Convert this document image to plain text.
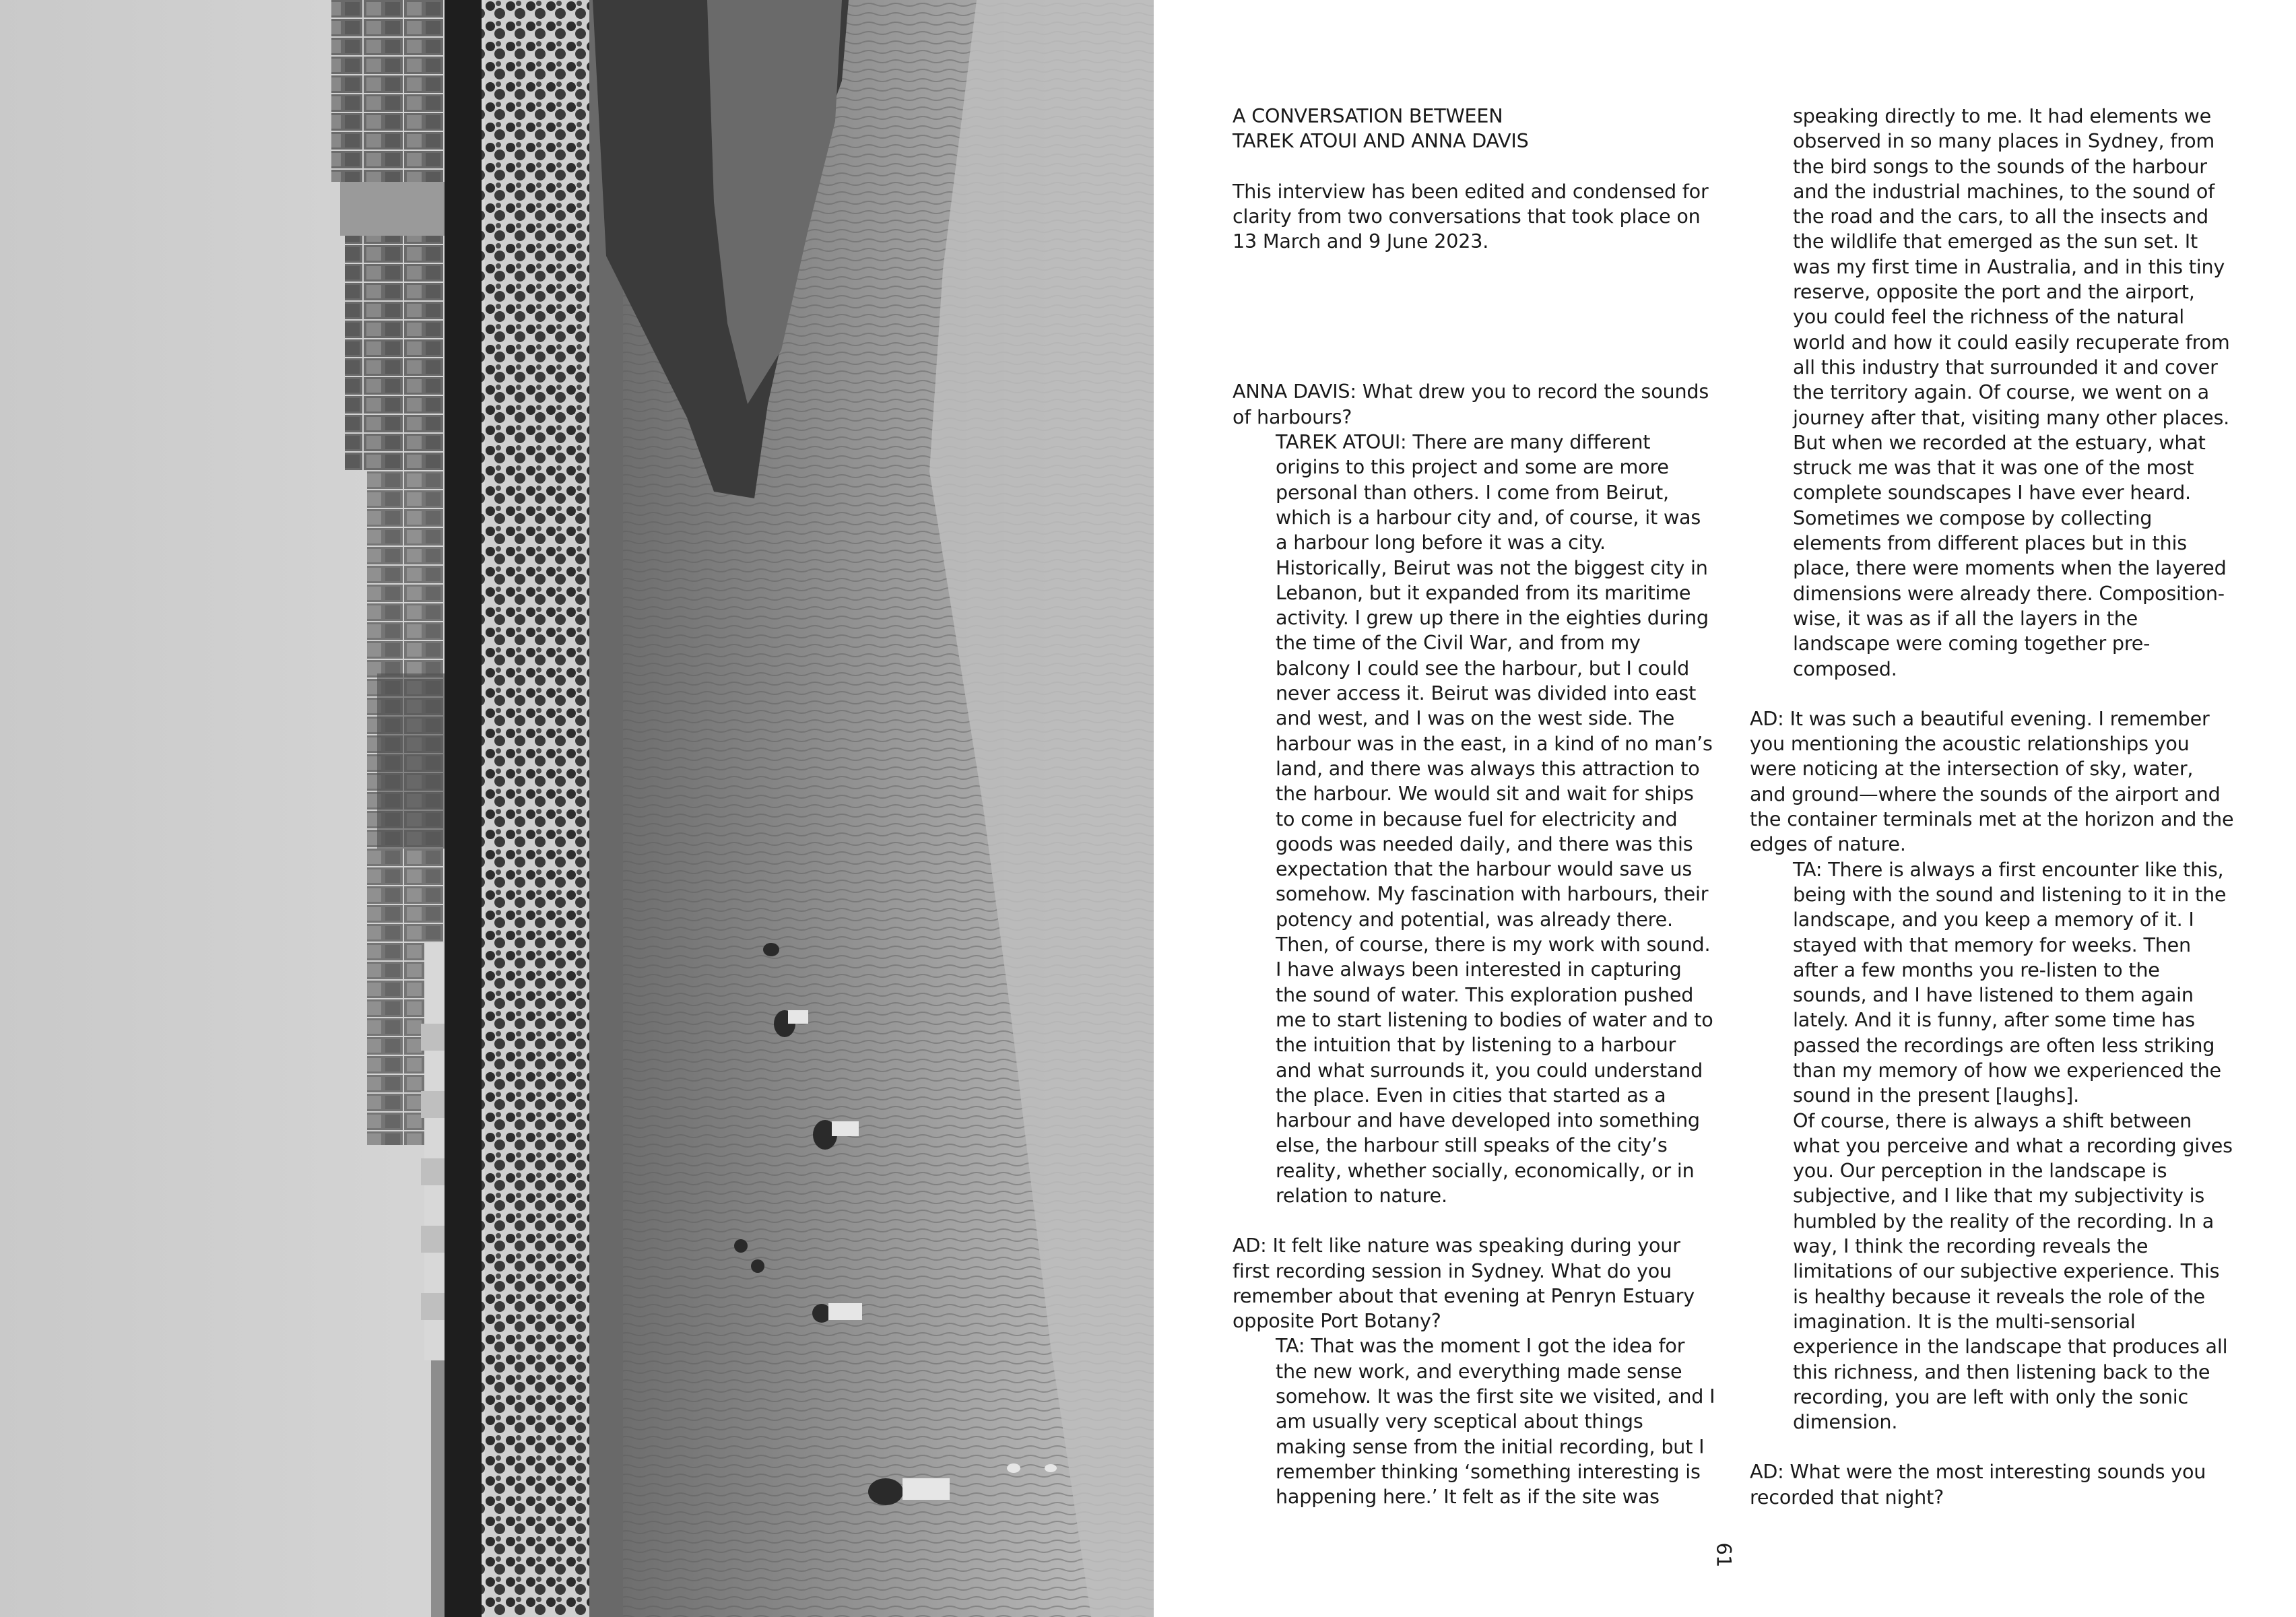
A CONVERSATION BETWEEN

TAREK ATOUI AND ANNA DAVIS

This interview has been edited and condensed for clarity from two conversations that took place on 13 March and 9 June 2023.

ANNA DAVIS: What drew you to record the sounds of harbours?

TAREK ATOUI: There are many different origins to this project and some are more personal than others. I come from Beirut, which is a harbour city and, of course, it was a harbour long before it was a city. Historically, Beirut was not the biggest city in Lebanon, but it expanded from its maritime activity. I grew up there in the eighties during the time of the Civil War, and from my balcony I could see the harbour, but I could never access it. Beirut was divided into east and west, and I was on the west side. The harbour was in the east, in a kind of no man’s land, and there was always this attraction to the harbour. We would sit and wait for ships to come in because fuel for electricity and goods was needed daily, and there was this expectation that the harbour would save us somehow. My fascination with harbours, their potency and potential, was already there. Then, of course, there is my work with sound. I have always been interested in capturing the sound of water. This exploration pushed me to start listening to bodies of water and to the intuition that by listening to a harbour and what surrounds it, you could understand the place. Even in cities that started as a harbour and have developed into something else, the harbour still speaks of the city’s reality, whether socially, economically, or in relation to nature.

AD: It felt like nature was speaking during your first recording session in Sydney. What do you remember about that evening at Penryn Estuary opposite Port Botany?

TA: That was the moment I got the idea for the new work, and everything made sense somehow. It was the first site we visited, and I am usually very sceptical about things making sense from the initial recording, but I remember thinking ‘something interesting is happening here.’ It felt as if the site was

speaking directly to me. It had elements we observed in so many places in Sydney, from the bird songs to the sounds of the harbour and the industrial machines, to the sound of the road and the cars, to all the insects and the wildlife that emerged as the sun set. It was my first time in Australia, and in this tiny reserve, opposite the port and the airport, you could feel the richness of the natural world and how it could easily recuperate from all this industry that surrounded it and cover the territory again. Of course, we went on a journey after that, visiting many other places. But when we recorded at the estuary, what struck me was that it was one of the most complete soundscapes I have ever heard. Sometimes we compose by collecting elements from different places but in this place, there were moments when the layered dimensions were already there. Composition-wise, it was as if all the layers in the landscape were coming together pre-composed.

AD: It was such a beautiful evening. I remember you mentioning the acoustic relationships you were noticing at the intersection of sky, water, and ground—where the sounds of the airport and the container terminals met at the horizon and the edges of nature.

TA: There is always a first encounter like this, being with the sound and listening to it in the landscape, and you keep a memory of it. I stayed with that memory for weeks. Then after a few months you re-listen to the sounds, and I have listened to them again lately. And it is funny, after some time has passed the recordings are often less striking than my memory of how we experienced the sound in the present [laughs].

Of course, there is always a shift between what you perceive and what a recording gives you. Our perception in the landscape is subjective, and I like that my subjectivity is humbled by the reality of the recording. In a way, I think the recording reveals the limitations of our subjective experience. This is healthy because it reveals the role of the imagination. It is the multi-sensorial experience in the landscape that produces all this richness, and then listening back to the recording, you are left with only the sonic dimension.

AD: What were the most interesting sounds you recorded that night?

61
